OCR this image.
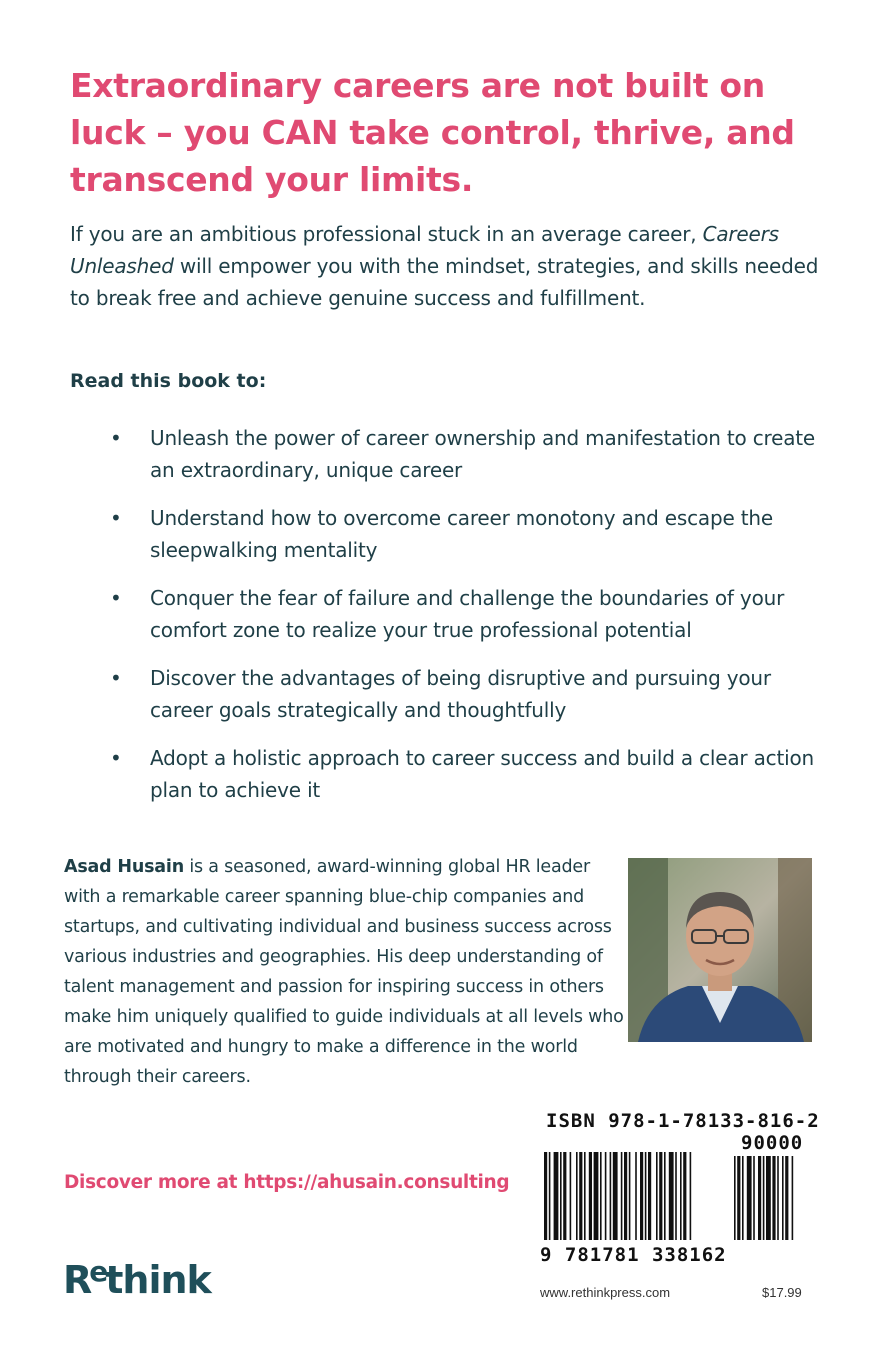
Extraordinary careers are not built on luck – you CAN take control, thrive, and transcend your limits.

If you are an ambitious professional stuck in an average career, Careers Unleashed will empower you with the mindset, strategies, and skills needed to break free and achieve genuine success and fulfillment.

Read this book to:
• Unleash the power of career ownership and manifestation to create an extraordinary, unique career
• Understand how to overcome career monotony and escape the sleepwalking mentality
• Conquer the fear of failure and challenge the boundaries of your comfort zone to realize your true professional potential
• Discover the advantages of being disruptive and pursuing your career goals strategically and thoughtfully
• Adopt a holistic approach to career success and build a clear action plan to achieve it

Asad Husain is a seasoned, award-winning global HR leader with a remarkable career spanning blue-chip companies and startups, and cultivating individual and business success across various industries and geographies. His deep understanding of talent management and passion for inspiring success in others make him uniquely qualified to guide individuals at all levels who are motivated and hungry to make a difference in the world through their careers.

Discover more at https://ahusain.consulting

$R^ethink$
ISBN 978-1-78133-816-2
90000
9 781781 338162
www.rethinkpress.com	$17.99
